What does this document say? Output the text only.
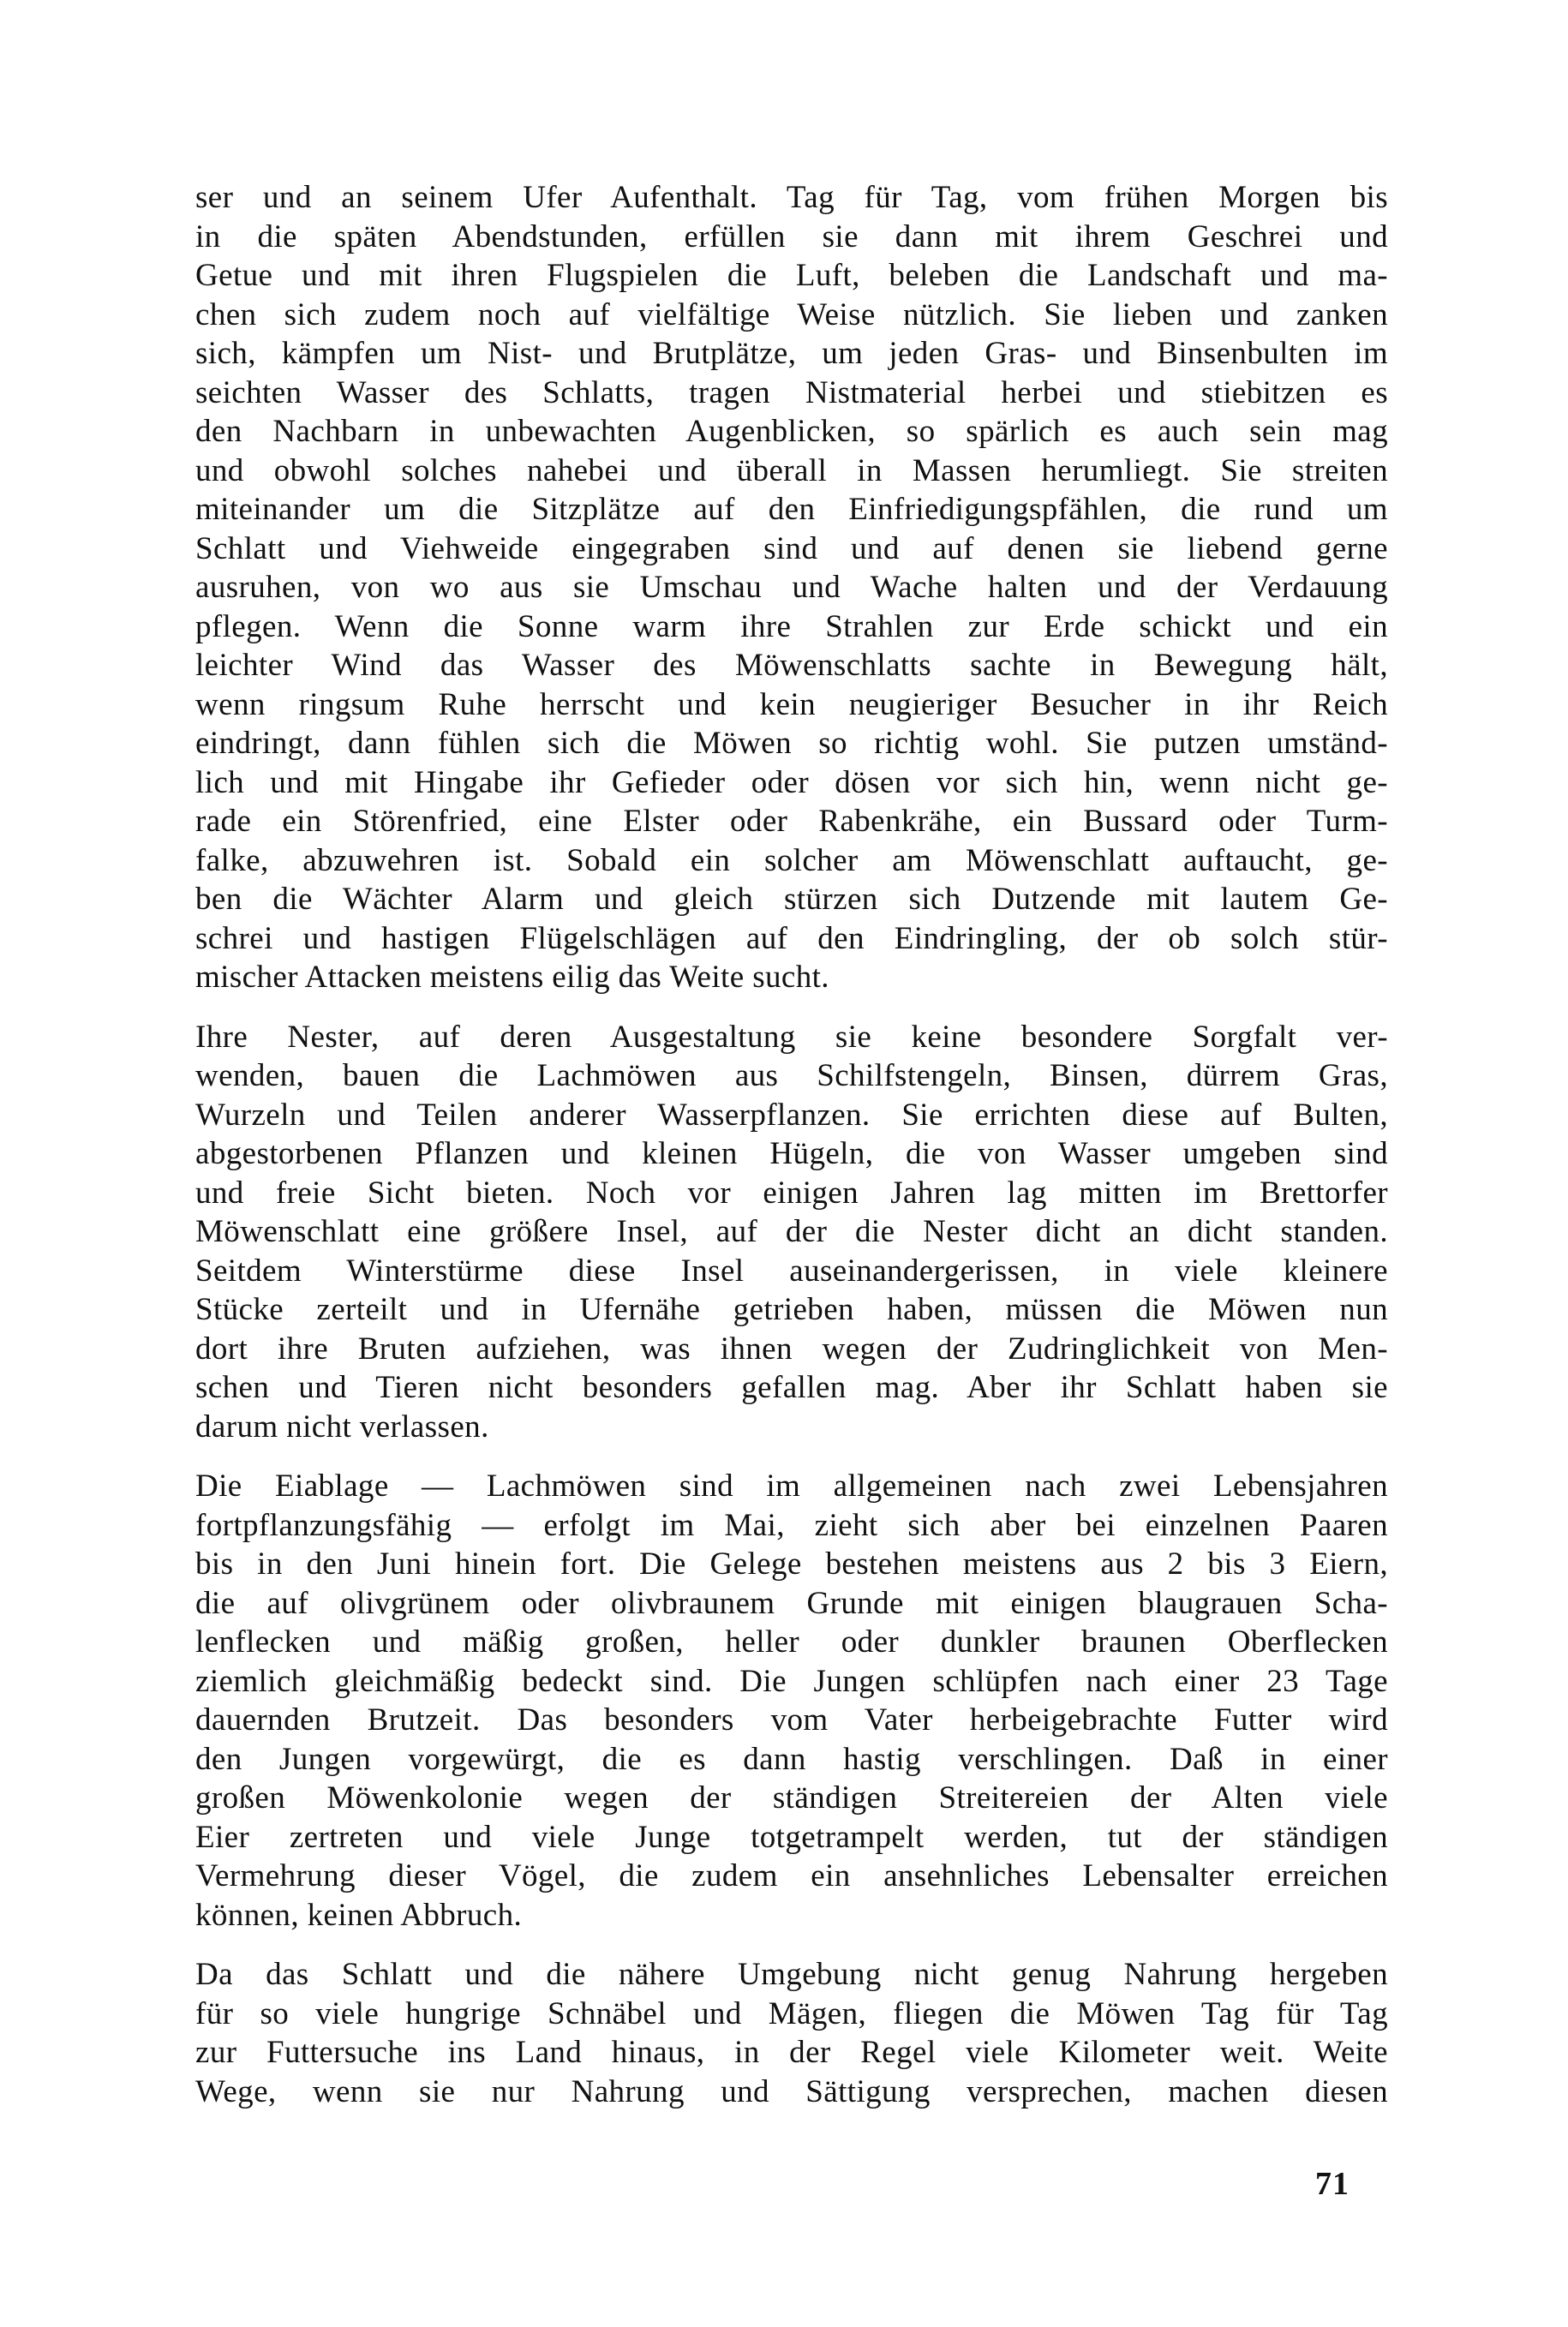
ser und an seinem Ufer Aufenthalt. Tag für Tag, vom frühen Morgen bis
in die späten Abendstunden, erfüllen sie dann mit ihrem Geschrei und
Getue und mit ihren Flugspielen die Luft, beleben die Landschaft und ma-
chen sich zudem noch auf vielfältige Weise nützlich. Sie lieben und zanken
sich, kämpfen um Nist- und Brutplätze, um jeden Gras- und Binsenbulten im
seichten Wasser des Schlatts, tragen Nistmaterial herbei und stiebitzen es
den Nachbarn in unbewachten Augenblicken, so spärlich es auch sein mag
und obwohl solches nahebei und überall in Massen herumliegt. Sie streiten
miteinander um die Sitzplätze auf den Einfriedigungspfählen, die rund um
Schlatt und Viehweide eingegraben sind und auf denen sie liebend gerne
ausruhen, von wo aus sie Umschau und Wache halten und der Verdauung
pflegen. Wenn die Sonne warm ihre Strahlen zur Erde schickt und ein
leichter Wind das Wasser des Möwenschlatts sachte in Bewegung hält,
wenn ringsum Ruhe herrscht und kein neugieriger Besucher in ihr Reich
eindringt, dann fühlen sich die Möwen so richtig wohl. Sie putzen umständ-
lich und mit Hingabe ihr Gefieder oder dösen vor sich hin, wenn nicht ge-
rade ein Störenfried, eine Elster oder Rabenkrähe, ein Bussard oder Turm-
falke, abzuwehren ist. Sobald ein solcher am Möwenschlatt auftaucht, ge-
ben die Wächter Alarm und gleich stürzen sich Dutzende mit lautem Ge-
schrei und hastigen Flügelschlägen auf den Eindringling, der ob solch stür-
mischer Attacken meistens eilig das Weite sucht.

Ihre Nester, auf deren Ausgestaltung sie keine besondere Sorgfalt ver-
wenden, bauen die Lachmöwen aus Schilfstengeln, Binsen, dürrem Gras,
Wurzeln und Teilen anderer Wasserpflanzen. Sie errichten diese auf Bulten,
abgestorbenen Pflanzen und kleinen Hügeln, die von Wasser umgeben sind
und freie Sicht bieten. Noch vor einigen Jahren lag mitten im Brettorfer
Möwenschlatt eine größere Insel, auf der die Nester dicht an dicht standen.
Seitdem Winterstürme diese Insel auseinandergerissen, in viele kleinere
Stücke zerteilt und in Ufernähe getrieben haben, müssen die Möwen nun
dort ihre Bruten aufziehen, was ihnen wegen der Zudringlichkeit von Men-
schen und Tieren nicht besonders gefallen mag. Aber ihr Schlatt haben sie
darum nicht verlassen.

Die Eiablage — Lachmöwen sind im allgemeinen nach zwei Lebensjahren
fortpflanzungsfähig — erfolgt im Mai, zieht sich aber bei einzelnen Paaren
bis in den Juni hinein fort. Die Gelege bestehen meistens aus 2 bis 3 Eiern,
die auf olivgrünem oder olivbraunem Grunde mit einigen blaugrauen Scha-
lenflecken und mäßig großen, heller oder dunkler braunen Oberflecken
ziemlich gleichmäßig bedeckt sind. Die Jungen schlüpfen nach einer 23 Tage
dauernden Brutzeit. Das besonders vom Vater herbeigebrachte Futter wird
den Jungen vorgewürgt, die es dann hastig verschlingen. Daß in einer
großen Möwenkolonie wegen der ständigen Streitereien der Alten viele
Eier zertreten und viele Junge totgetrampelt werden, tut der ständigen
Vermehrung dieser Vögel, die zudem ein ansehnliches Lebensalter erreichen
können, keinen Abbruch.

Da das Schlatt und die nähere Umgebung nicht genug Nahrung hergeben
für so viele hungrige Schnäbel und Mägen, fliegen die Möwen Tag für Tag
zur Futtersuche ins Land hinaus, in der Regel viele Kilometer weit. Weite
Wege, wenn sie nur Nahrung und Sättigung versprechen, machen diesen

71
